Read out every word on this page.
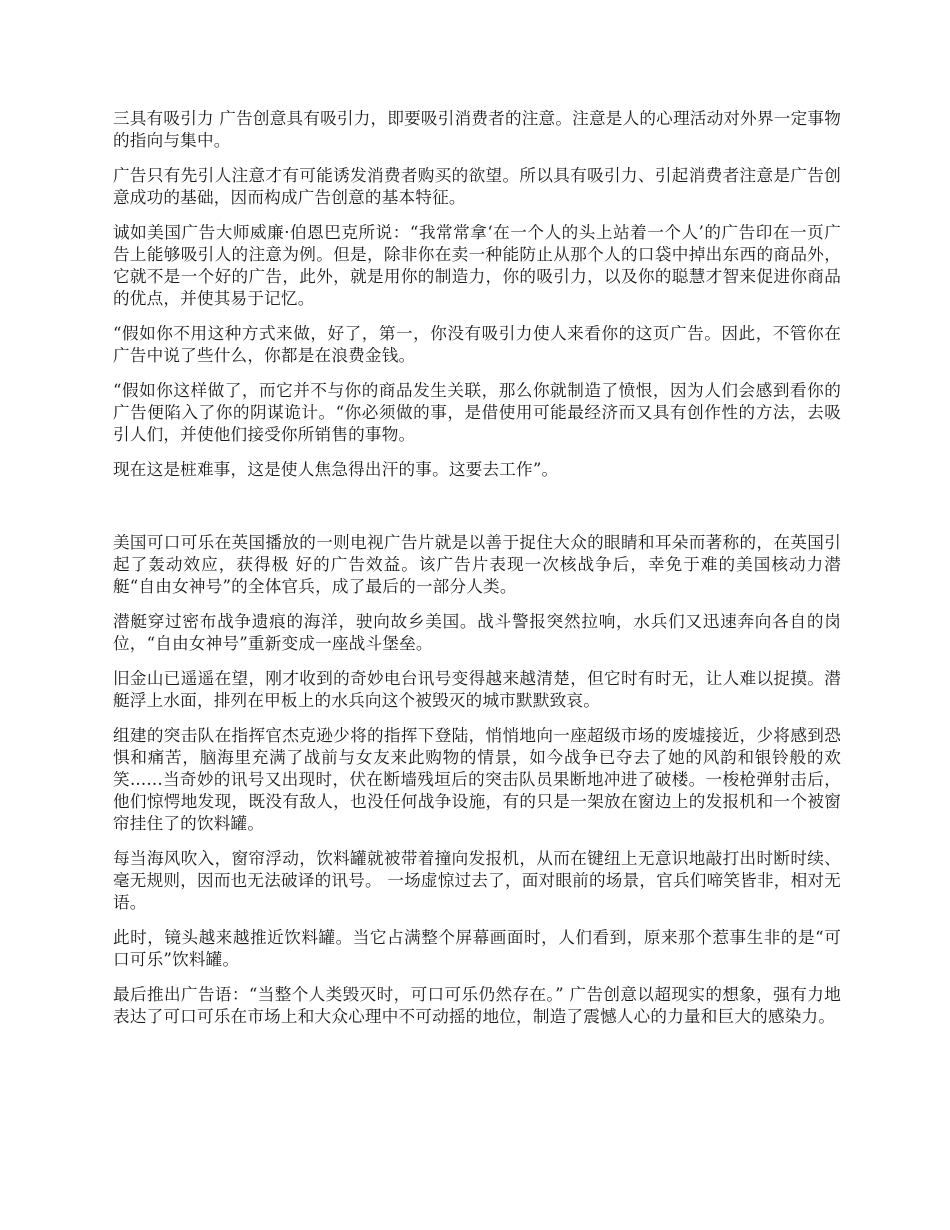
三具有吸引力 广告创意具有吸引力，即要吸引消费者的注意。注意是人的心理活动对外界一定事物的指向与集中。

广告只有先引人注意才有可能诱发消费者购买的欲望。所以具有吸引力、引起消费者注意是广告创意成功的基础，因而构成广告创意的基本特征。

诚如美国广告大师威廉·伯恩巴克所说：“我常常拿‘在一个人的头上站着一个人’的广告印在一页广告上能够吸引人的注意为例。但是，除非你在卖一种能防止从那个人的口袋中掉出东西的商品外，它就不是一个好的广告，此外，就是用你的制造力，你的吸引力，以及你的聪慧才智来促进你商品的优点，并使其易于记忆。

“假如你不用这种方式来做，好了，第一，你没有吸引力使人来看你的这页广告。因此，不管你在广告中说了些什么，你都是在浪费金钱。

“假如你这样做了，而它并不与你的商品发生关联，那么你就制造了愤恨，因为人们会感到看你的广告便陷入了你的阴谋诡计。“你必须做的事，是借使用可能最经济而又具有创作性的方法，去吸引人们，并使他们接受你所销售的事物。

现在这是桩难事，这是使人焦急得出汗的事。这要去工作”。

美国可口可乐在英国播放的一则电视广告片就是以善于捉住大众的眼睛和耳朵而著称的，在英国引起了轰动效应，获得极 好的广告效益。该广告片表现一次核战争后，幸免于难的美国核动力潜艇“自由女神号”的全体官兵，成了最后的一部分人类。

潜艇穿过密布战争遗痕的海洋，驶向故乡美国。战斗警报突然拉响，水兵们又迅速奔向各自的岗位，“自由女神号”重新变成一座战斗堡垒。

旧金山已遥遥在望，刚才收到的奇妙电台讯号变得越来越清楚，但它时有时无，让人难以捉摸。潜艇浮上水面，排列在甲板上的水兵向这个被毁灭的城市默默致哀。

组建的突击队在指挥官杰克逊少将的指挥下登陆，悄悄地向一座超级市场的废墟接近，少将感到恐惧和痛苦，脑海里充满了战前与女友来此购物的情景，如今战争已夺去了她的风韵和银铃般的欢笑......当奇妙的讯号又出现时，伏在断墙残垣后的突击队员果断地冲进了破楼。一梭枪弹射击后，他们惊愕地发现，既没有敌人，也没任何战争设施，有的只是一架放在窗边上的发报机和一个被窗帘挂住了的饮料罐。

每当海风吹入，窗帘浮动，饮料罐就被带着撞向发报机，从而在键纽上无意识地敲打出时断时续、毫无规则，因而也无法破译的讯号。 一场虚惊过去了，面对眼前的场景，官兵们啼笑皆非，相对无语。

此时，镜头越来越推近饮料罐。当它占满整个屏幕画面时，人们看到，原来那个惹事生非的是“可口可乐”饮料罐。

最后推出广告语：“当整个人类毁灭时，可口可乐仍然存在。” 广告创意以超现实的想象，强有力地表达了可口可乐在市场上和大众心理中不可动摇的地位，制造了震憾人心的力量和巨大的感染力。
